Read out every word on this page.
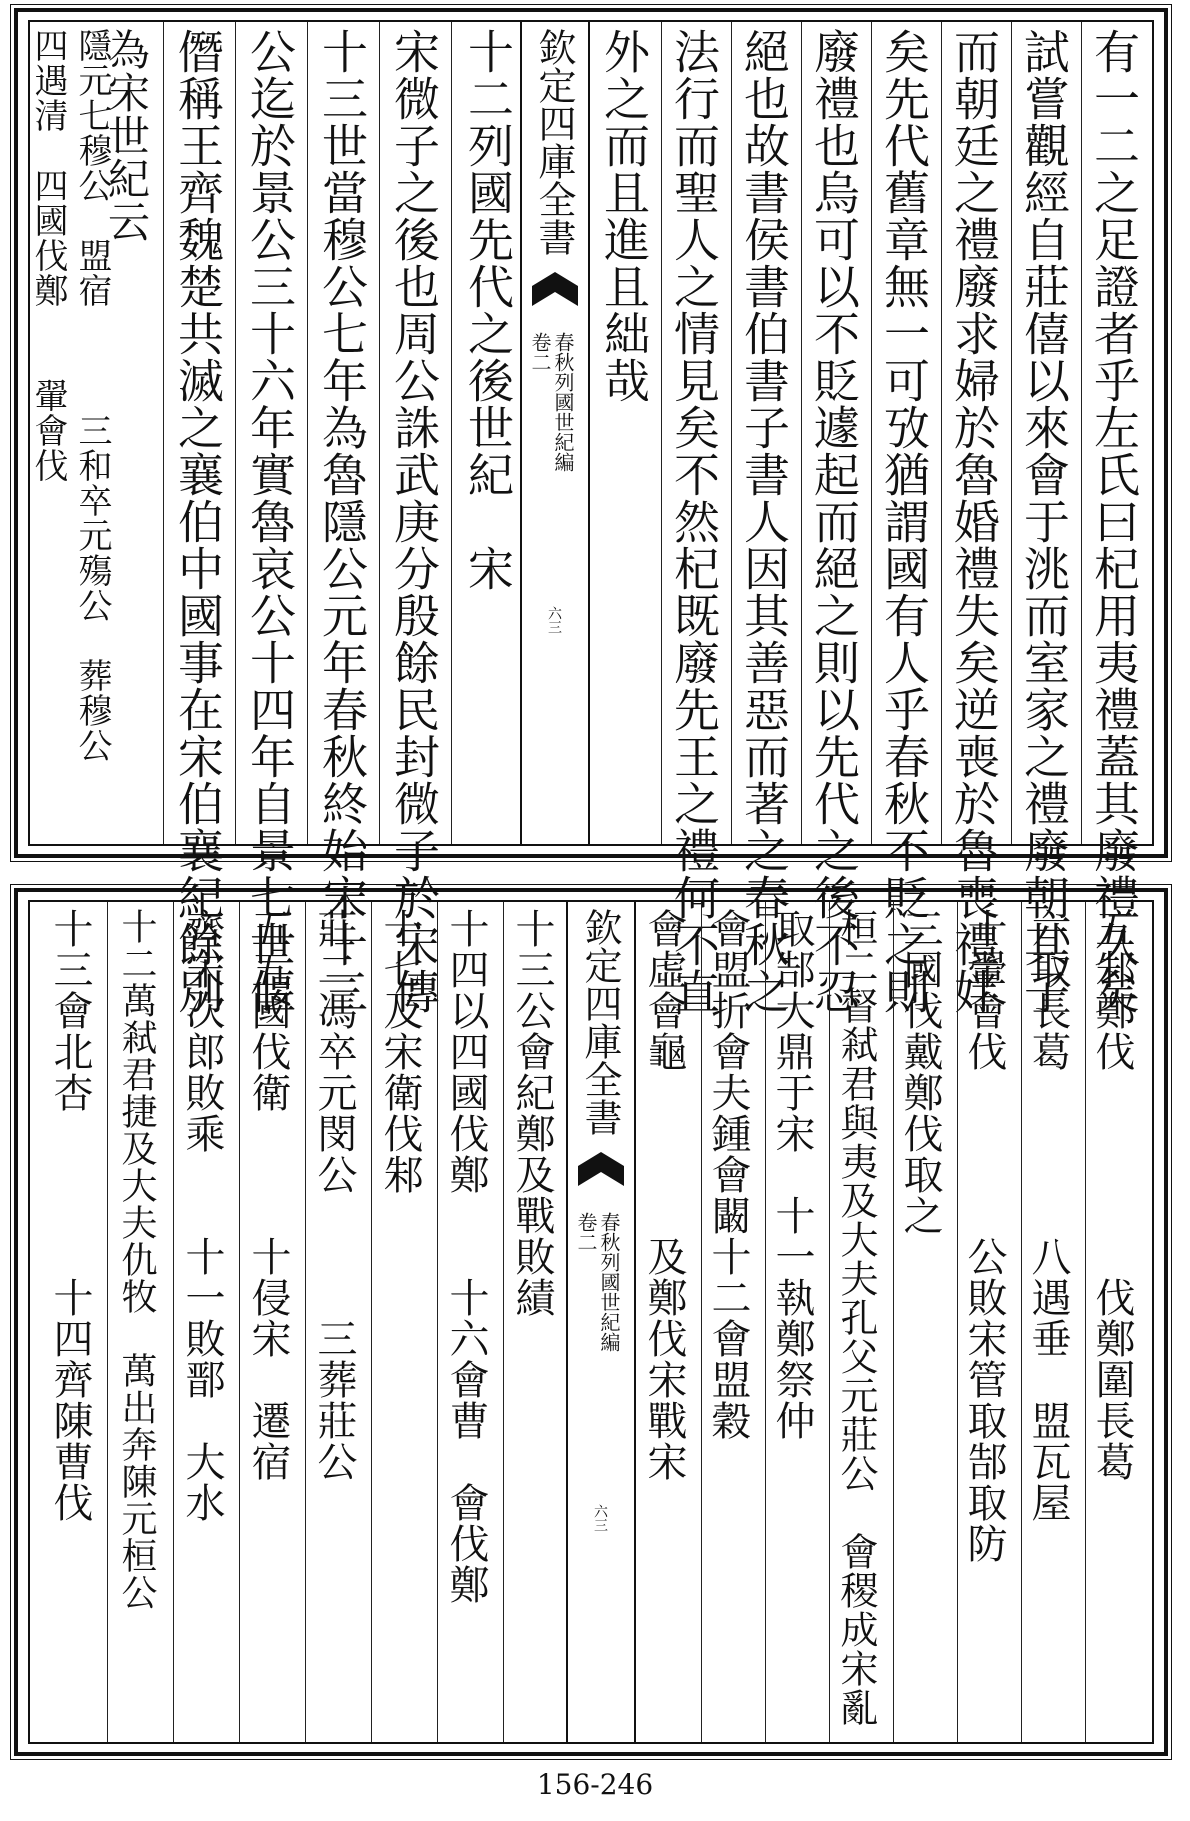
有一二之足證者乎左氏曰杞用夷禮蓋其廢禮久矣
試嘗觀經自莊僖以來會于洮而室家之禮廢朝其子
而朝廷之禮廢求婦於魯婚禮失矣逆喪於魯喪禮姅
矣先代舊章無一可攷猶謂國有人乎春秋不貶之則
廢禮也烏可以不貶遽起而絕之則以先代之後不忍
絕也故書侯書伯書子書人因其善惡而著之春秋之
法行而聖人之情見矣不然杞既廢先王之禮何不直
外之而且進且絀哉
欽定四庫全書
卷二 春秋列國世紀編
六三
十二列國先代之後世紀　宋
宋微子之後也周公誅武庚分殷餘民封微子於宋傳
十三世當穆公七年為魯隱公元年春秋終始宋十三
公迄於景公三十六年實魯哀公十四年自景七世偃
僭稱王齊魏楚共滅之襄伯中國事在宋伯襄紀餘別
為宋世紀云
隱元七穆公　盟宿　　　三和卒元殤公　葬穆公
四遇清　四國伐鄭　　翬會伐
五邾鄭伐　　　　　伐鄭圍長葛
六取長葛　　　　八遇垂　盟瓦屋
十翬會伐　　　　公敗宋管取郜取防
三國伐戴鄭伐取之
桓二督弒君與夷及大夫孔父元莊公　會稷成宋亂
取郜大鼎于宋　十一執鄭祭仲
會盟折會夫鍾會闞十二會盟穀
會虛會龜　　　　及鄭伐宋戰宋
欽定四庫全書
卷二 春秋列國世紀編
六三
十三公會紀鄭及戰敗績
十四以四國伐鄭　　十六會曹　會伐鄭
十七及宋衛伐邾
莊二馮卒元閔公　　　三葬莊公
五五國伐衛　　　十侵宋　遷宿
齊宋次郎敗乘　　十一敗鄑　大水
十二萬弒君捷及大夫仇牧　萬出奔陳元桓公
十三會北杏　　　　十四齊陳曹伐
156-246
